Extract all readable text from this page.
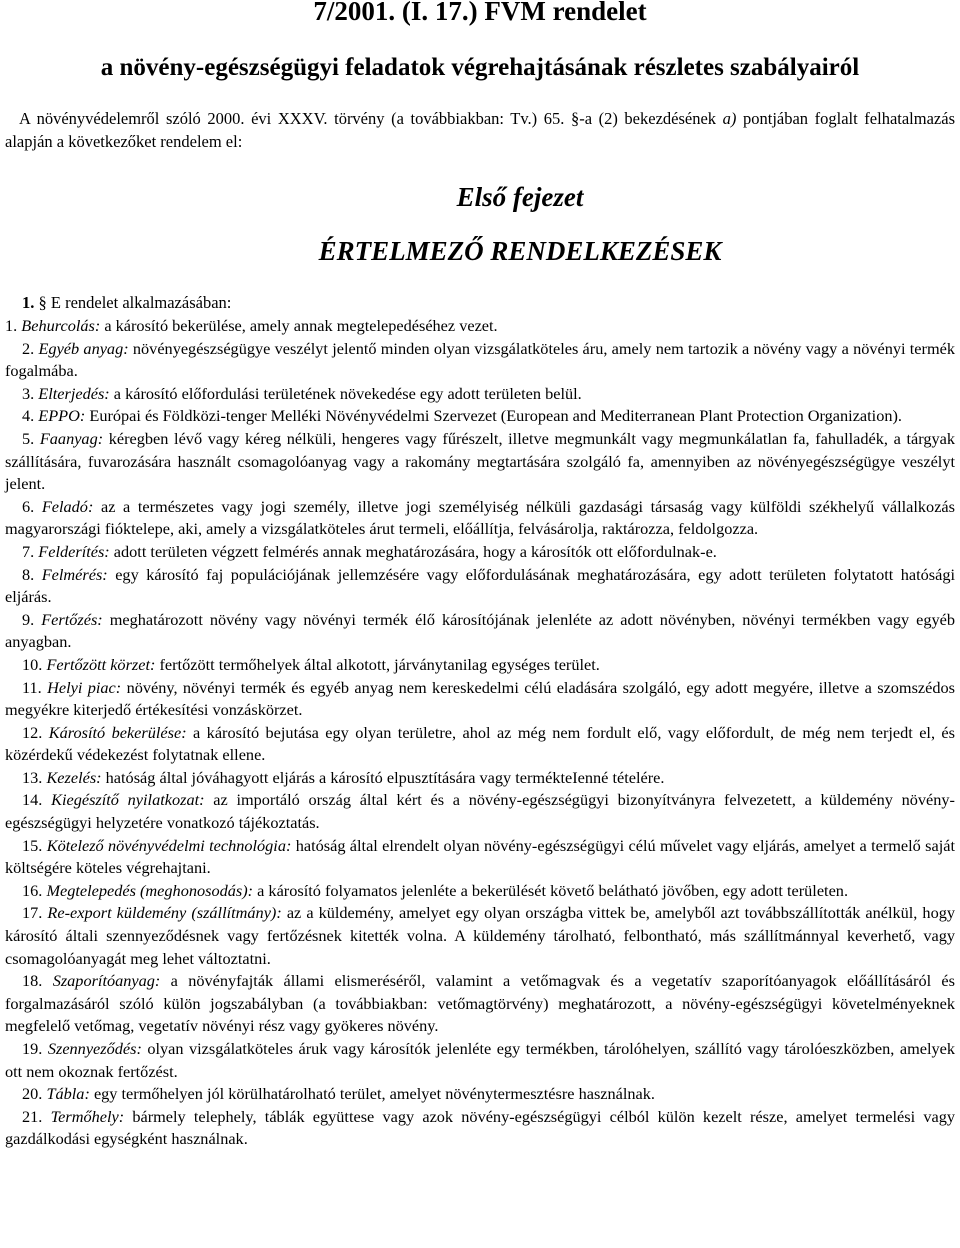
7/2001. (I. 17.) FVM rendelet
a növény-egészségügyi feladatok végrehajtásának részletes szabályairól

A növényvédelemről szóló 2000. évi XXXV. törvény (a továbbiakban: Tv.) 65. §-a (2) bekezdésének a) pontjában foglalt felhatalmazás alapján a következőket rendelem el:

Első fejezet
ÉRTELMEZŐ RENDELKEZÉSEK

1. § E rendelet alkalmazásában:

1. Behurcolás: a károsító bekerülése, amely annak megtelepedéséhez vezet.
2. Egyéb anyag: növényegészségügye veszélyt jelentő minden olyan vizsgálatköteles áru, amely nem tartozik a növény vagy a növényi termék fogalmába.
3. Elterjedés: a károsító előfordulási területének növekedése egy adott területen belül.
4. EPPO: Európai és Földközi-tenger Melléki Növényvédelmi Szervezet (European and Mediterranean Plant Protection Organization).
5. Faanyag: kéregben lévő vagy kéreg nélküli, hengeres vagy fűrészelt, illetve megmunkált vagy megmunkálatlan fa, fahulladék, a tárgyak szállítására, fuvarozására használt csomagolóanyag vagy a rakomány megtartására szolgáló fa, amennyiben az növényegészségügye veszélyt jelent.
6. Feladó: az a természetes vagy jogi személy, illetve jogi személyiség nélküli gazdasági társaság vagy külföldi székhelyű vállalkozás magyarországi fióktelepe, aki, amely a vizsgálatköteles árut termeli, előállítja, felvásárolja, raktározza, feldolgozza.
7. Felderítés: adott területen végzett felmérés annak meghatározására, hogy a károsítók ott előfordulnak-e.
8. Felmérés: egy károsító faj populációjának jellemzésére vagy előfordulásának meghatározására, egy adott területen folytatott hatósági eljárás.
9. Fertőzés: meghatározott növény vagy növényi termék élő károsítójának jelenléte az adott növényben, növényi termékben vagy egyéb anyagban.
10. Fertőzött körzet: fertőzött termőhelyek által alkotott, járványtanilag egységes terület.
11. Helyi piac: növény, növényi termék és egyéb anyag nem kereskedelmi célú eladására szolgáló, egy adott megyére, illetve a szomszédos megyékre kiterjedő értékesítési vonzáskörzet.
12. Károsító bekerülése: a károsító bejutása egy olyan területre, ahol az még nem fordult elő, vagy előfordult, de még nem terjedt el, és közérdekű védekezést folytatnak ellene.
13. Kezelés: hatóság által jóváhagyott eljárás a károsító elpusztítására vagy termékteIenné tételére.
14. Kiegészítő nyilatkozat: az importáló ország által kért és a növény-egészségügyi bizonyítványra felvezetett, a küldemény növény-egészségügyi helyzetére vonatkozó tájékoztatás.
15. Kötelező növényvédelmi technológia: hatóság által elrendelt olyan növény-egészségügyi célú művelet vagy eljárás, amelyet a termelő saját költségére köteles végrehajtani.
16. Megtelepedés (meghonosodás): a károsító folyamatos jelenléte a bekerülését követő belátható jövőben, egy adott területen.
17. Re-export küldemény (szállítmány): az a küldemény, amelyet egy olyan országba vittek be, amelyből azt továbbszállították anélkül, hogy károsító általi szennyeződésnek vagy fertőzésnek kitették volna. A küldemény tárolható, felbontható, más szállítmánnyal keverhető, vagy csomagolóanyagát meg lehet változtatni.
18. Szaporítóanyag: a növényfajták állami elismeréséről, valamint a vetőmagvak és a vegetatív szaporítóanyagok előállításáról és forgalmazásáról szóló külön jogszabályban (a továbbiakban: vetőmagtörvény) meghatározott, a növény-egészségügyi követelményeknek megfelelő vetőmag, vegetatív növényi rész vagy gyökeres növény.
19. Szennyeződés: olyan vizsgálatköteles áruk vagy károsítók jelenléte egy termékben, tárolóhelyen, szállító vagy tárolóeszközben, amelyek ott nem okoznak fertőzést.
20. Tábla: egy termőhelyen jól körülhatárolható terület, amelyet növénytermesztésre használnak.
21. Termőhely: bármely telephely, táblák együttese vagy azok növény-egészségügyi célból külön kezelt része, amelyet termelési vagy gazdálkodási egységként használnak.
